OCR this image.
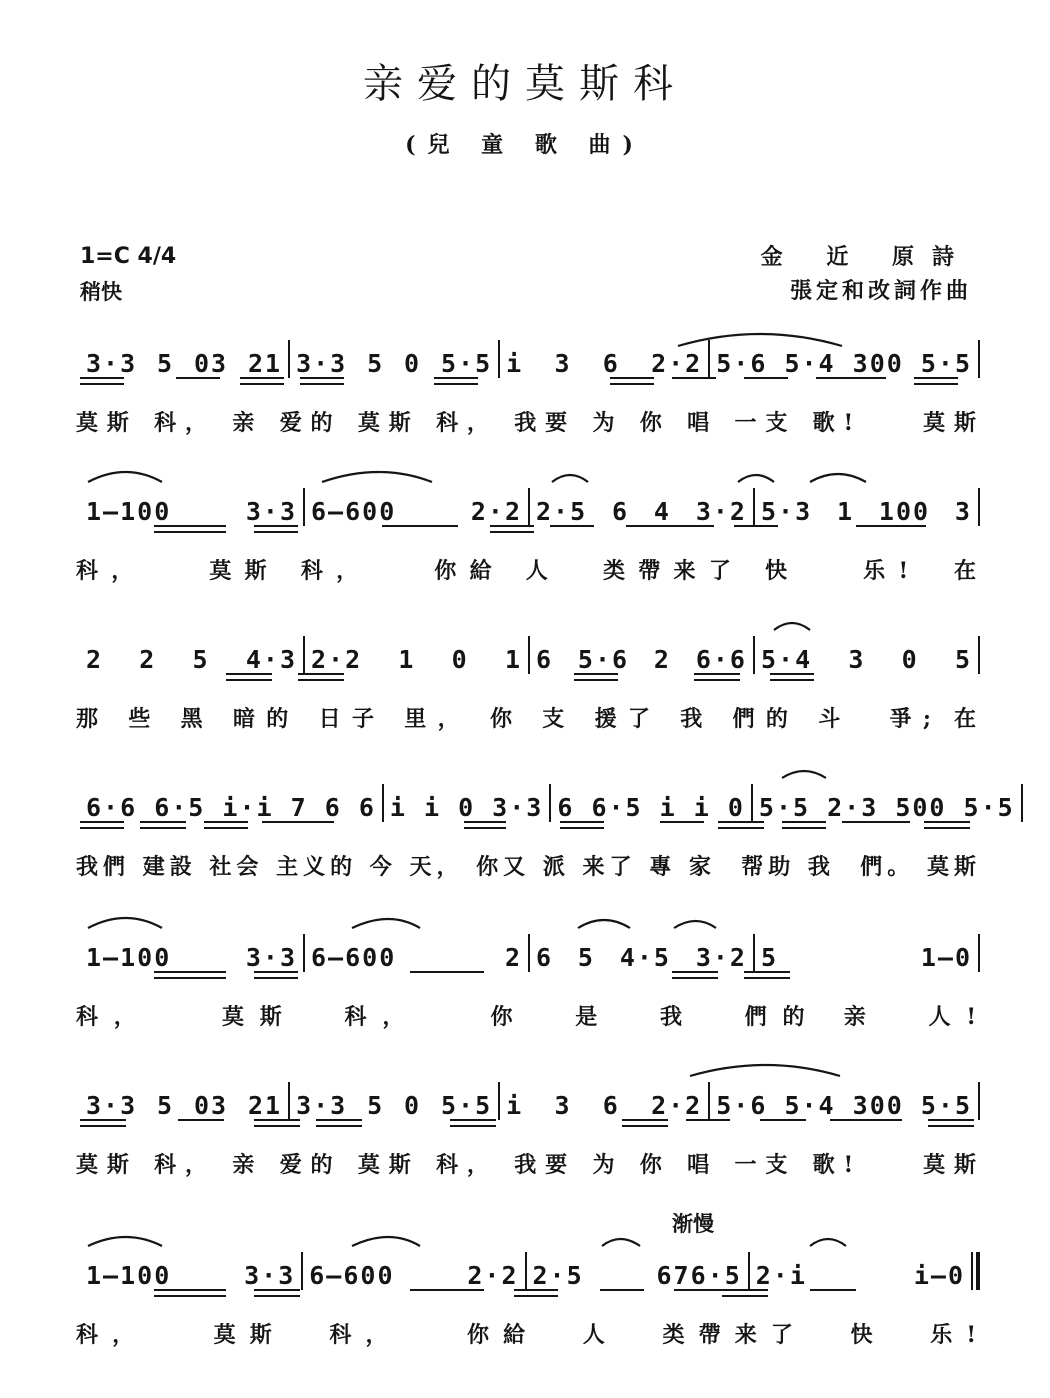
亲爱的莫斯科
(兒 童 歌 曲)
1=C 4/4
稍快
金 近 原詩
張定和改詞作曲
渐慢
3·3 5 03 21 3·3 5 0 5·5 i 3 6 2·2 5·6 5·4 300 5·5
莫斯 科， 亲 爱的 莫斯 科， 我要 为 你 唱 一支 歌!    莫斯
1—100 3·3 6—600 2·2 2·5 6 4 3·2 5·3 1 100 3
科，   莫斯 科，   你給 人  类帶来了 快   乐!  在
2 2 5 4·3 2·2 1 0 1 6 5·6 2 6·6 5·4 3 0 5
那 些 黑 暗的 日子 里， 你 支 援了 我 們的 斗  爭; 在
6·6 6·5 i·i 7 6 6 i i 0 3·3 6 6·5 i i 0 5·5 2·3 500 5·5
我們 建設 社会 主义的 今 天， 你又 派 来了 專 家  帮助 我  們。 莫斯
1—100 3·3 6—600 2 6 5 4·5 3·2 5 1—0
科，   莫斯  科，   你  是  我  們的 亲  人!
3·3 5 03 21 3·3 5 0 5·5 i 3 6 2·2 5·6 5·4 300 5·5
莫斯 科， 亲 爱的 莫斯 科， 我要 为 你 唱 一支 歌!    莫斯
1—100 3·3 6—600 2·2 2·5 676·5 2·i i—0
科，   莫斯  科，   你給  人  类帶来了  快  乐!
